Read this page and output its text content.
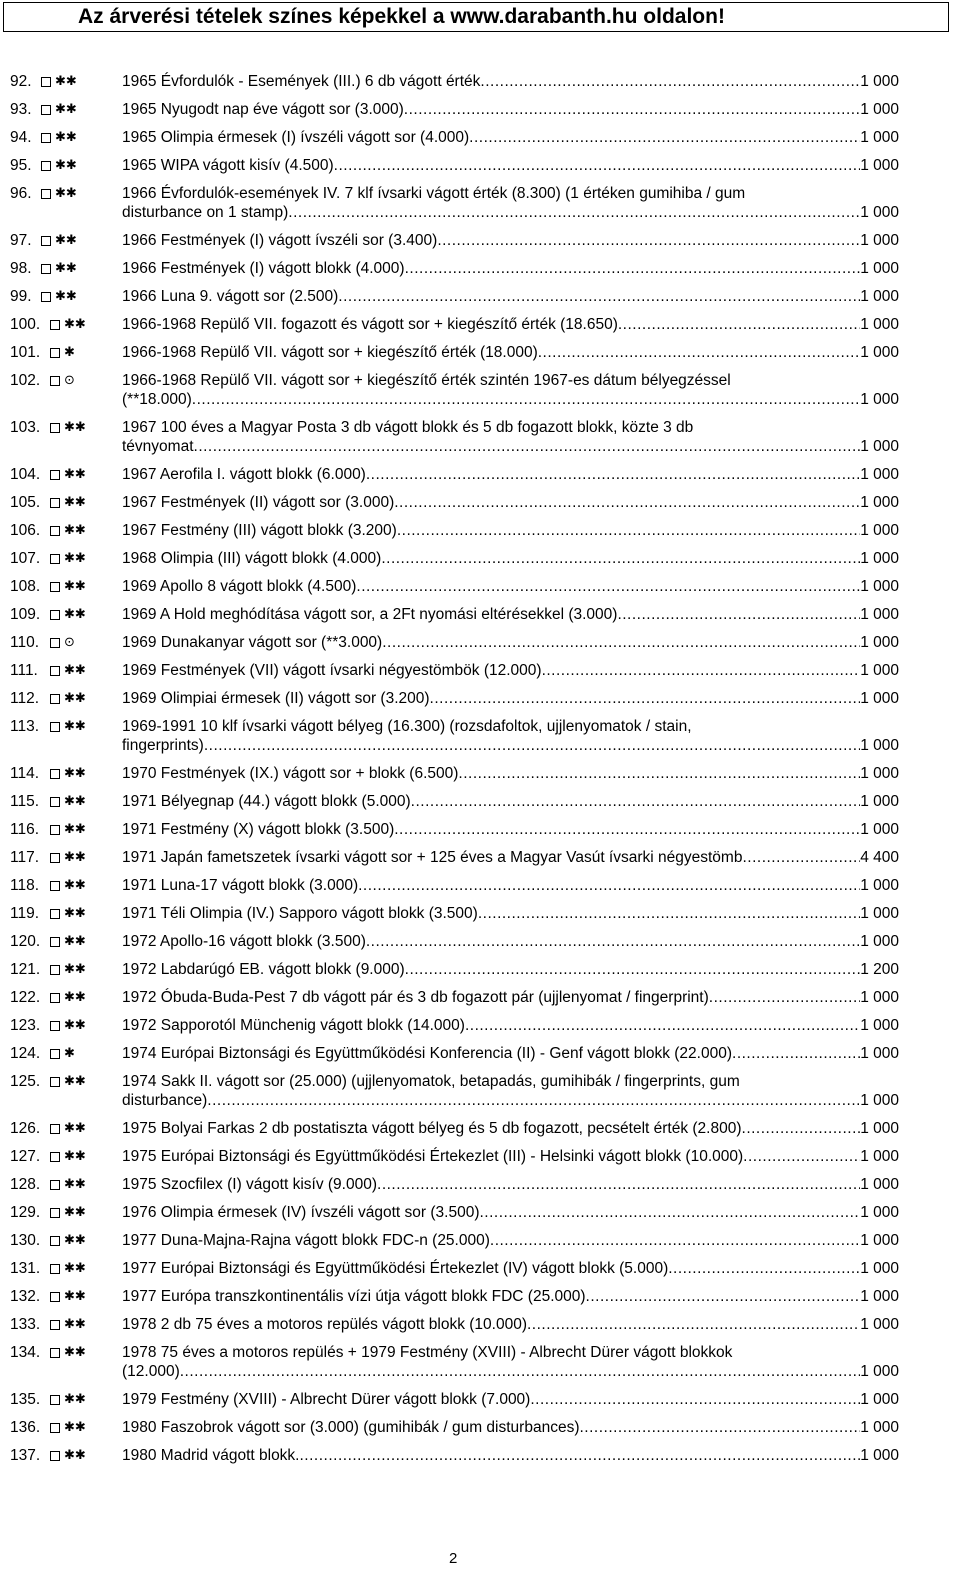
Az árverési tételek színes képekkel a www.darabanth.hu oldalon!
92. ✱✱	1965 Évfordulók - Események (III.) 6 db vágott érték .....	1 000
93. ✱✱	1965 Nyugodt nap éve vágott sor (3.000) .....	1 000
94. ✱✱	1965 Olimpia érmesek (I) ívszéli vágott sor (4.000) .....	1 000
95. ✱✱	1965 WIPA vágott kisív (4.500) .....	1 000
96. ✱✱	1966 Évfordulók-események IV. 7 klf ívsarki vágott érték (8.300) (1 értéken gumihiba / gum
disturbance on 1 stamp) .....	1 000
97. ✱✱	1966 Festmények (I) vágott ívszéli sor (3.400) .....	1 000
98. ✱✱	1966 Festmények (I) vágott blokk (4.000) .....	1 000
99. ✱✱	1966 Luna 9. vágott sor (2.500) .....	1 000
100. ✱✱ 1966-1968 Repülő VII. fogazott és vágott sor + kiegészítő érték (18.650) .....	1 000
101. ✱	1966-1968 Repülő VII. vágott sor + kiegészítő érték (18.000) .....	1 000
102. ⊙	1966-1968 Repülő VII. vágott sor + kiegészítő érték szintén 1967-es dátum bélyegzéssel
(**18.000) .....	1 000
103. ✱✱ 1967 100 éves a Magyar Posta 3 db vágott blokk és 5 db fogazott blokk, közte 3 db
tévnyomat .....	1 000
104. ✱✱ 1967 Aerofila I. vágott blokk (6.000) .....	1 000
105. ✱✱ 1967 Festmények (II) vágott sor (3.000) .....	1 000
106. ✱✱ 1967 Festmény (III) vágott blokk (3.200) .....	1 000
107. ✱✱ 1968 Olimpia (III) vágott blokk (4.000) .....	1 000
108. ✱✱ 1969 Apollo 8 vágott blokk (4.500) .....	1 000
109. ✱✱ 1969 A Hold meghódítása vágott sor, a 2Ft nyomási eltérésekkel (3.000) .....	1 000
110. ⊙	1969 Dunakanyar vágott sor (**3.000) .....	1 000
111. ✱✱ 1969 Festmények (VII) vágott ívsarki négyestömbök (12.000) .....	1 000
112. ✱✱ 1969 Olimpiai érmesek (II) vágott sor (3.200) .....	1 000
113. ✱✱ 1969-1991 10 klf ívsarki vágott bélyeg (16.300) (rozsdafoltok, ujjlenyomatok / stain,
fingerprints) .....	1 000
114. ✱✱ 1970 Festmények (IX.) vágott sor + blokk (6.500) .....	1 000
115. ✱✱ 1971 Bélyegnap (44.) vágott blokk (5.000) .....	1 000
116. ✱✱ 1971 Festmény (X) vágott blokk (3.500) .....	1 000
117. ✱✱ 1971 Japán fametszetek ívsarki vágott sor + 125 éves a Magyar Vasút ívsarki négyestömb .....	4 400
118. ✱✱ 1971 Luna-17 vágott blokk (3.000) .....	1 000
119. ✱✱ 1971 Téli Olimpia (IV.) Sapporo vágott blokk (3.500) .....	1 000
120. ✱✱ 1972 Apollo-16 vágott blokk (3.500) .....	1 000
121. ✱✱ 1972 Labdarúgó EB. vágott blokk (9.000) .....	1 200
122. ✱✱ 1972 Óbuda-Buda-Pest 7 db vágott pár és 3 db fogazott pár (ujjlenyomat / fingerprint) .....	1 000
123. ✱✱ 1972 Sapporotól Münchenig vágott blokk (14.000) .....	1 000
124. ✱	1974 Európai Biztonsági és Együttműködési Konferencia (II) - Genf vágott blokk (22.000) .....	1 000
125. ✱✱ 1974 Sakk II. vágott sor (25.000) (ujjlenyomatok, betapadás, gumihibák / fingerprints, gum
disturbance) .....	1 000
126. ✱✱ 1975 Bolyai Farkas 2 db postatiszta vágott bélyeg és 5 db fogazott, pecsételt érték (2.800) .....	1 000
127. ✱✱ 1975 Európai Biztonsági és Együttműködési Értekezlet (III) - Helsinki vágott blokk (10.000) .....	1 000
128. ✱✱ 1975 Szocfilex (I) vágott kisív (9.000) .....	1 000
129. ✱✱ 1976 Olimpia érmesek (IV) ívszéli vágott sor (3.500) .....	1 000
130. ✱✱ 1977 Duna-Majna-Rajna vágott blokk FDC-n (25.000) .....	1 000
131. ✱✱ 1977 Európai Biztonsági és Együttműködési Értekezlet (IV) vágott blokk (5.000) .....	1 000
132. ✱✱ 1977 Európa transzkontinentális vízi útja vágott blokk FDC (25.000) .....	1 000
133. ✱✱ 1978 2 db 75 éves a motoros repülés vágott blokk (10.000) .....	1 000
134. ✱✱ 1978 75 éves a motoros repülés + 1979 Festmény (XVIII) - Albrecht Dürer vágott blokkok
(12.000) .....	1 000
135. ✱✱ 1979 Festmény (XVIII) - Albrecht Dürer vágott blokk (7.000) .....	1 000
136. ✱✱ 1980 Faszobrok vágott sor (3.000) (gumihibák / gum disturbances) .....	1 000
137. ✱✱ 1980 Madrid vágott blokk. .....	1 000
2
